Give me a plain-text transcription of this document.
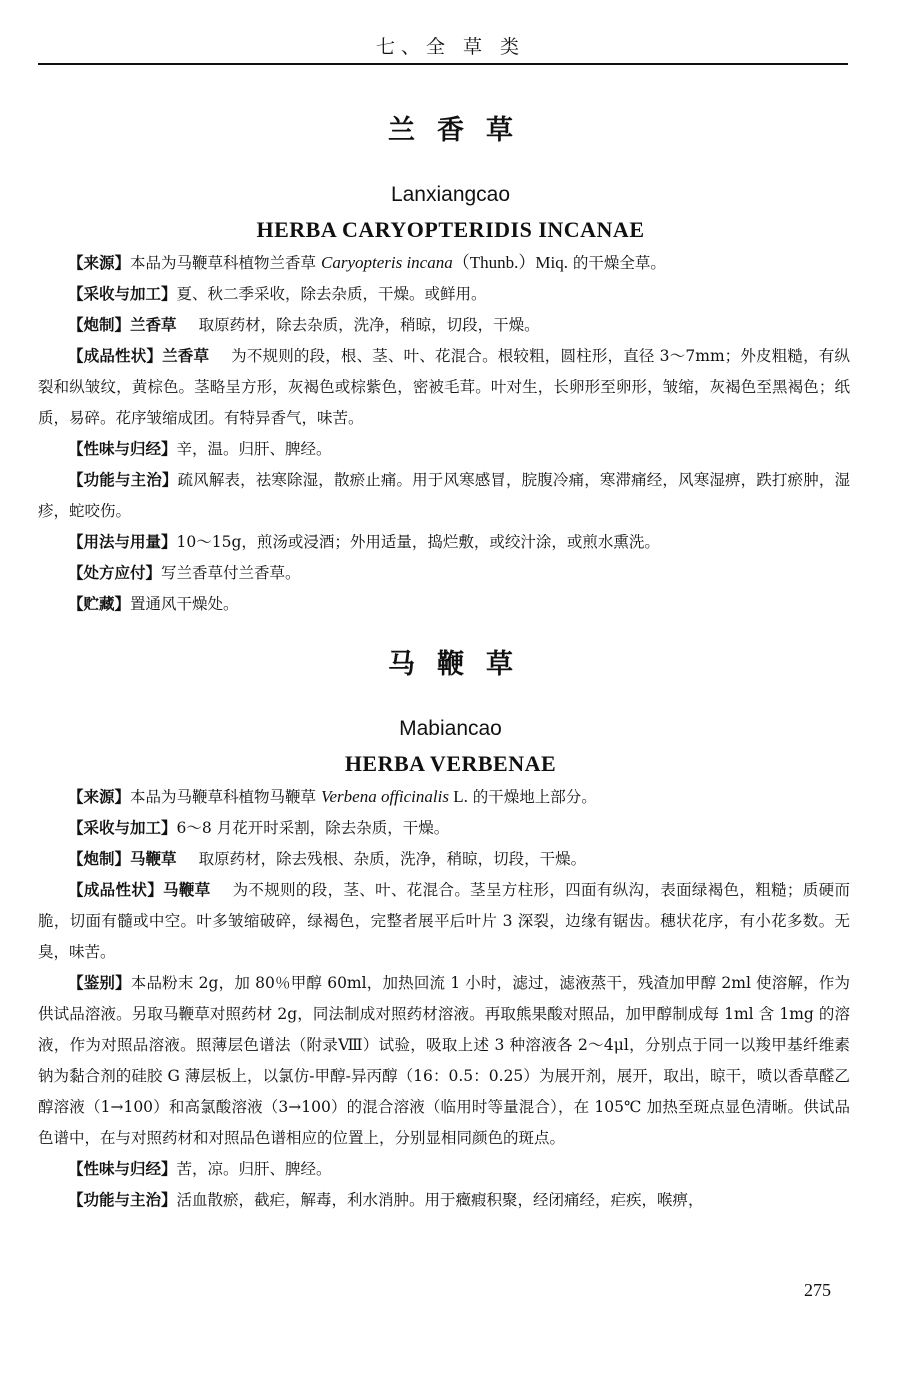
七、全 草 类
兰香草
Lanxiangcao
HERBA CARYOPTERIDIS INCANAE

【来源】本品为马鞭草科植物兰香草 Caryopteris incana（Thunb.）Miq. 的干燥全草。

【采收与加工】夏、秋二季采收，除去杂质，干燥。或鲜用。

【炮制】兰香草 取原药材，除去杂质，洗净，稍晾，切段，干燥。

【成品性状】兰香草 为不规则的段，根、茎、叶、花混合。根较粗，圆柱形，直径 3～7mm；外皮粗糙，有纵裂和纵皱纹，黄棕色。茎略呈方形，灰褐色或棕紫色，密被毛茸。叶对生，长卵形至卵形，皱缩，灰褐色至黑褐色；纸质，易碎。花序皱缩成团。有特异香气，味苦。

【性味与归经】辛，温。归肝、脾经。

【功能与主治】疏风解表，祛寒除湿，散瘀止痛。用于风寒感冒，脘腹冷痛，寒滞痛经，风寒湿痹，跌打瘀肿，湿疹，蛇咬伤。

【用法与用量】10～15g，煎汤或浸酒；外用适量，捣烂敷，或绞汁涂，或煎水熏洗。

【处方应付】写兰香草付兰香草。

【贮藏】置通风干燥处。

马鞭草
Mabiancao
HERBA VERBENAE

【来源】本品为马鞭草科植物马鞭草 Verbena officinalis L. 的干燥地上部分。

【采收与加工】6～8 月花开时采割，除去杂质，干燥。

【炮制】马鞭草 取原药材，除去残根、杂质，洗净，稍晾，切段，干燥。

【成品性状】马鞭草 为不规则的段，茎、叶、花混合。茎呈方柱形，四面有纵沟，表面绿褐色，粗糙；质硬而脆，切面有髓或中空。叶多皱缩破碎，绿褐色，完整者展平后叶片 3 深裂，边缘有锯齿。穗状花序，有小花多数。无臭，味苦。

【鉴别】本品粉末 2g，加 80％甲醇 60ml，加热回流 1 小时，滤过，滤液蒸干，残渣加甲醇 2ml 使溶解，作为供试品溶液。另取马鞭草对照药材 2g，同法制成对照药材溶液。再取熊果酸对照品，加甲醇制成每 1ml 含 1mg 的溶液，作为对照品溶液。照薄层色谱法（附录Ⅷ）试验，吸取上述 3 种溶液各 2～4μl，分别点于同一以羧甲基纤维素钠为黏合剂的硅胶 G 薄层板上，以氯仿-甲醇-异丙醇（16：0.5：0.25）为展开剂，展开，取出，晾干，喷以香草醛乙醇溶液（1→100）和高氯酸溶液（3→100）的混合溶液（临用时等量混合），在 105℃ 加热至斑点显色清晰。供试品色谱中，在与对照药材和对照品色谱相应的位置上，分别显相同颜色的斑点。

【性味与归经】苦，凉。归肝、脾经。

【功能与主治】活血散瘀，截疟，解毒，利水消肿。用于癥瘕积聚，经闭痛经，疟疾，喉痹，

275
